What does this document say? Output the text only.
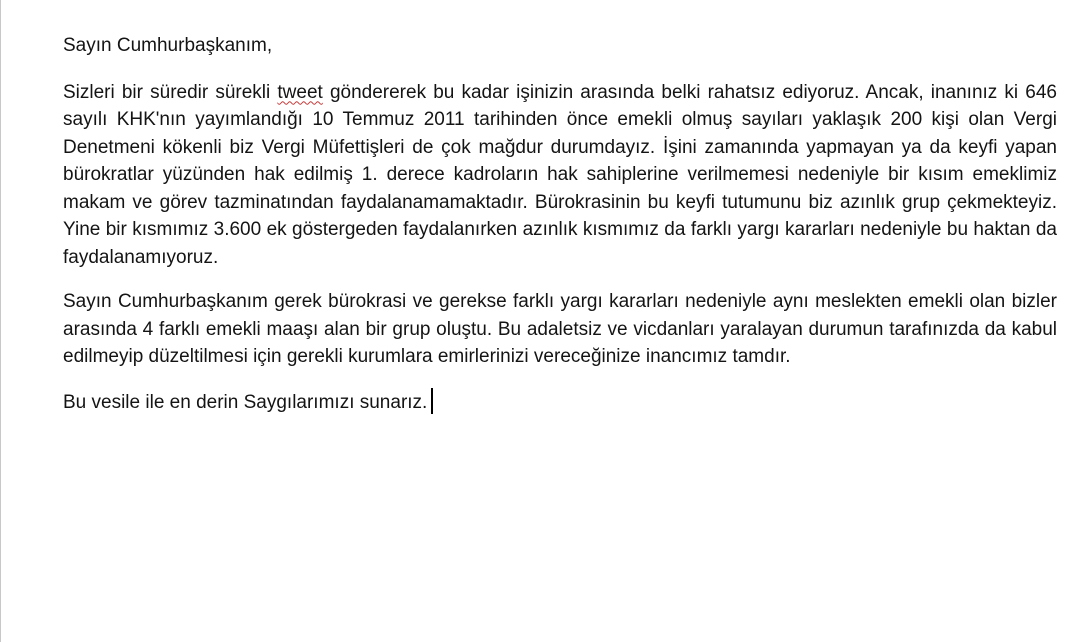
Sayın Cumhurbaşkanım,

Sizleri bir süredir sürekli tweet göndererek bu kadar işinizin arasında belki rahatsız ediyoruz. Ancak, inanınız ki 646 sayılı KHK'nın yayımlandığı 10 Temmuz 2011 tarihinden önce emekli olmuş sayıları yaklaşık 200 kişi olan Vergi Denetmeni kökenli biz Vergi Müfettişleri de çok mağdur durumdayız. İşini zamanında yapmayan ya da keyfi yapan bürokratlar yüzünden hak edilmiş 1. derece kadroların hak sahiplerine verilmemesi nedeniyle bir kısım emeklimiz makam ve görev tazminatından faydalanamamaktadır. Bürokrasinin bu keyfi tutumunu biz azınlık grup çekmekteyiz. Yine bir kısmımız 3.600 ek göstergeden faydalanırken azınlık kısmımız da farklı yargı kararları nedeniyle bu haktan da faydalanamıyoruz.

Sayın Cumhurbaşkanım gerek bürokrasi ve gerekse farklı yargı kararları nedeniyle aynı meslekten emekli olan bizler arasında 4 farklı emekli maaşı alan bir grup oluştu. Bu adaletsiz ve vicdanları yaralayan durumun tarafınızda da kabul edilmeyip düzeltilmesi için gerekli kurumlara emirlerinizi vereceğinize inancımız tamdır.

Bu vesile ile en derin Saygılarımızı sunarız.
